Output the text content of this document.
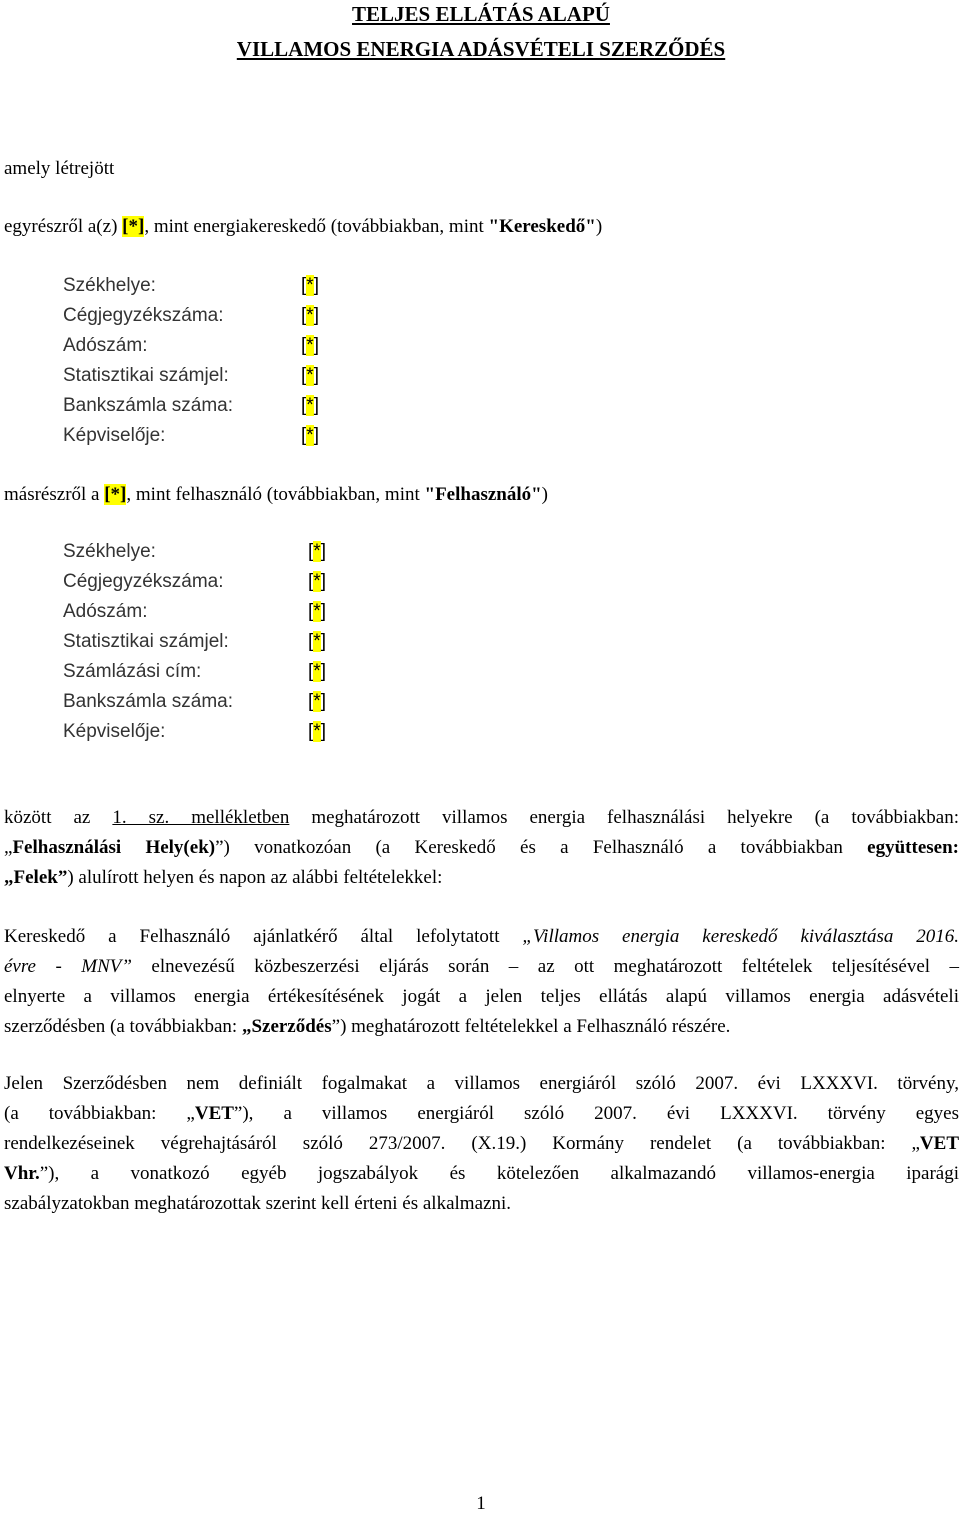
TELJES ELLÁTÁS ALAPÚ
VILLAMOS ENERGIA ADÁSVÉTELI SZERZŐDÉS
amely létrejött
egyrészről a(z) [*], mint energiakereskedő (továbbiakban, mint "Kereskedő")
Székhelye:	[*]
Cégjegyzékszáma:	[*]
Adószám:	[*]
Statisztikai számjel:	[*]
Bankszámla száma:	[*]
Képviselője:	[*]
másrészről a [*], mint felhasználó (továbbiakban, mint "Felhasználó")
Székhelye:	[*]
Cégjegyzékszáma:	[*]
Adószám:	[*]
Statisztikai számjel:	[*]
Számlázási cím:	[*]
Bankszámla száma:	[*]
Képviselője:	[*]
között az 1. sz. mellékletben meghatározott villamos energia felhasználási helyekre (a továbbiakban:
„Felhasználási Hely(ek)”) vonatkozóan (a Kereskedő és a Felhasználó a továbbiakban együttesen:
„Felek”) alulírott helyen és napon az alábbi feltételekkel:
Kereskedő a Felhasználó ajánlatkérő által lefolytatott „Villamos energia kereskedő kiválasztása 2016.
évre - MNV” elnevezésű közbeszerzési eljárás során – az ott meghatározott feltételek teljesítésével –
elnyerte a villamos energia értékesítésének jogát a jelen teljes ellátás alapú villamos energia adásvételi
szerződésben (a továbbiakban: „Szerződés”) meghatározott feltételekkel a Felhasználó részére.
Jelen Szerződésben nem definiált fogalmakat a villamos energiáról szóló 2007. évi LXXXVI. törvény,
(a továbbiakban: „VET”), a villamos energiáról szóló 2007. évi LXXXVI. törvény egyes
rendelkezéseinek végrehajtásáról szóló 273/2007. (X.19.) Kormány rendelet (a továbbiakban: „VET
Vhr.”), a vonatkozó egyéb jogszabályok és kötelezően alkalmazandó villamos-energia iparági
szabályzatokban meghatározottak szerint kell érteni és alkalmazni.
1
